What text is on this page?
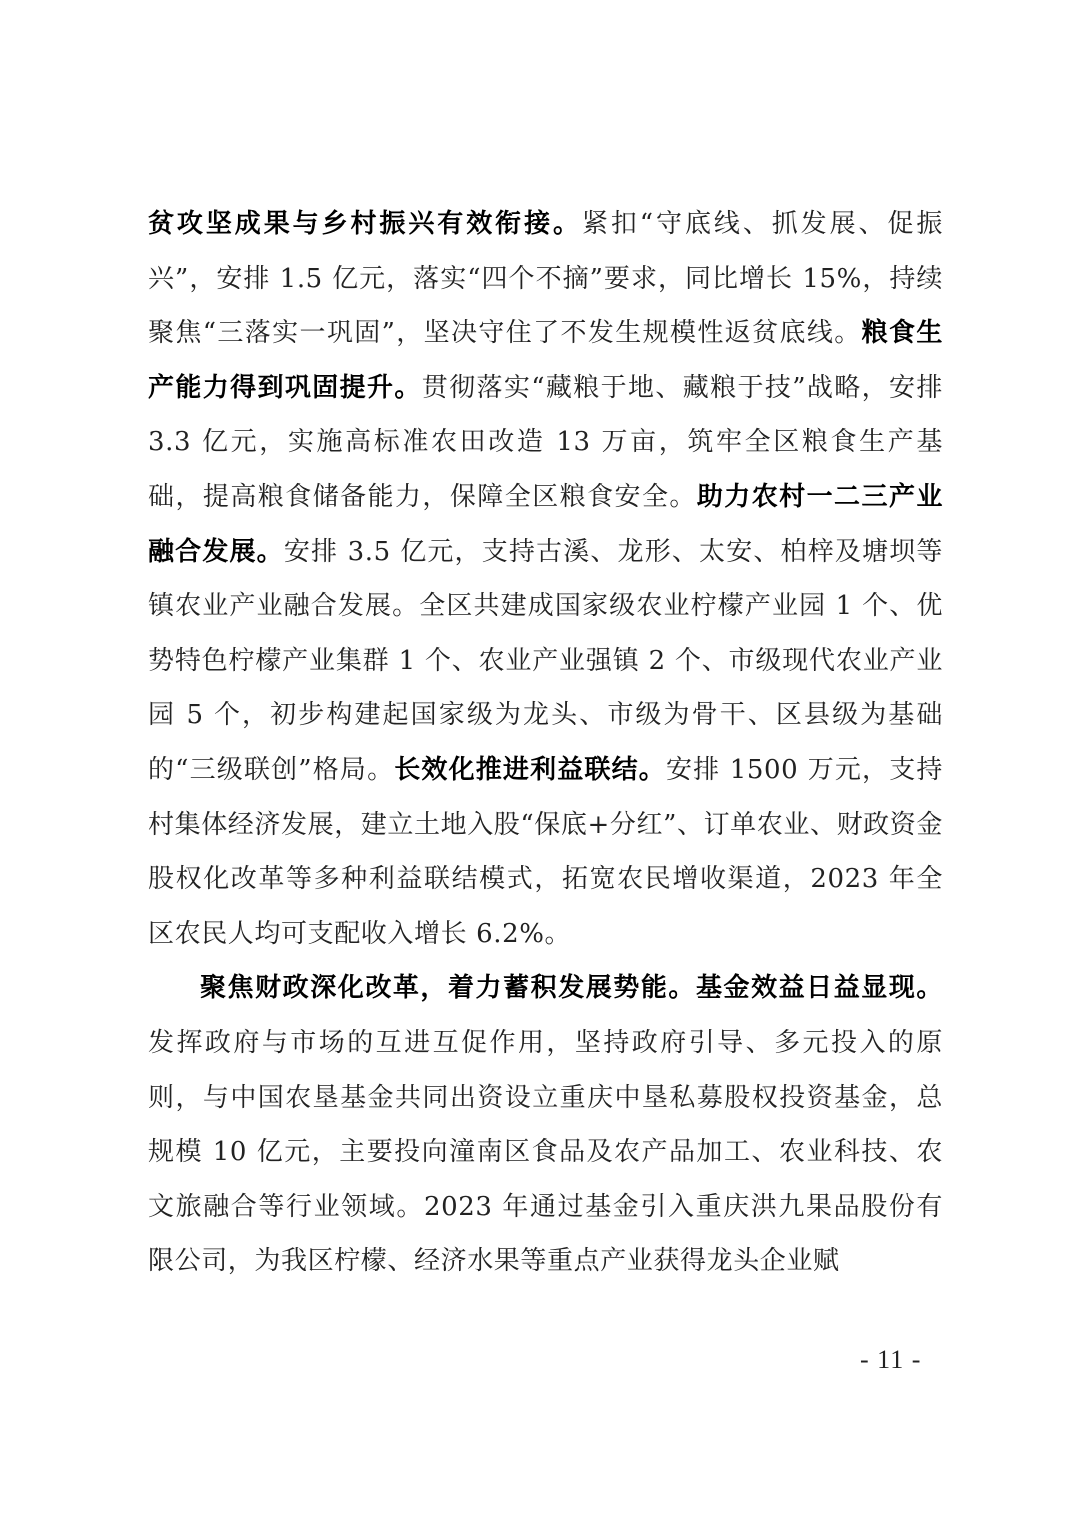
贫攻坚成果与乡村振兴有效衔接。紧扣“守底线、抓发展、促振兴”，安排 1.5 亿元，落实“四个不摘”要求，同比增长 15%，持续聚焦“三落实一巩固”，坚决守住了不发生规模性返贫底线。粮食生产能力得到巩固提升。贯彻落实“藏粮于地、藏粮于技”战略，安排 3.3 亿元，实施高标准农田改造 13 万亩，筑牢全区粮食生产基础，提高粮食储备能力，保障全区粮食安全。助力农村一二三产业融合发展。安排 3.5 亿元，支持古溪、龙形、太安、柏梓及塘坝等镇农业产业融合发展。全区共建成国家级农业柠檬产业园 1 个、优势特色柠檬产业集群 1 个、农业产业强镇 2 个、市级现代农业产业园 5 个，初步构建起国家级为龙头、市级为骨干、区县级为基础的“三级联创”格局。长效化推进利益联结。安排 1500 万元，支持村集体经济发展，建立土地入股“保底+分红”、订单农业、财政资金股权化改革等多种利益联结模式，拓宽农民增收渠道，2023 年全区农民人均可支配收入增长 6.2%。

聚焦财政深化改革，着力蓄积发展势能。基金效益日益显现。发挥政府与市场的互进互促作用，坚持政府引导、多元投入的原则，与中国农垦基金共同出资设立重庆中垦私募股权投资基金，总规模 10 亿元，主要投向潼南区食品及农产品加工、农业科技、农文旅融合等行业领域。2023 年通过基金引入重庆洪九果品股份有限公司，为我区柠檬、经济水果等重点产业获得龙头企业赋

- 11 -
